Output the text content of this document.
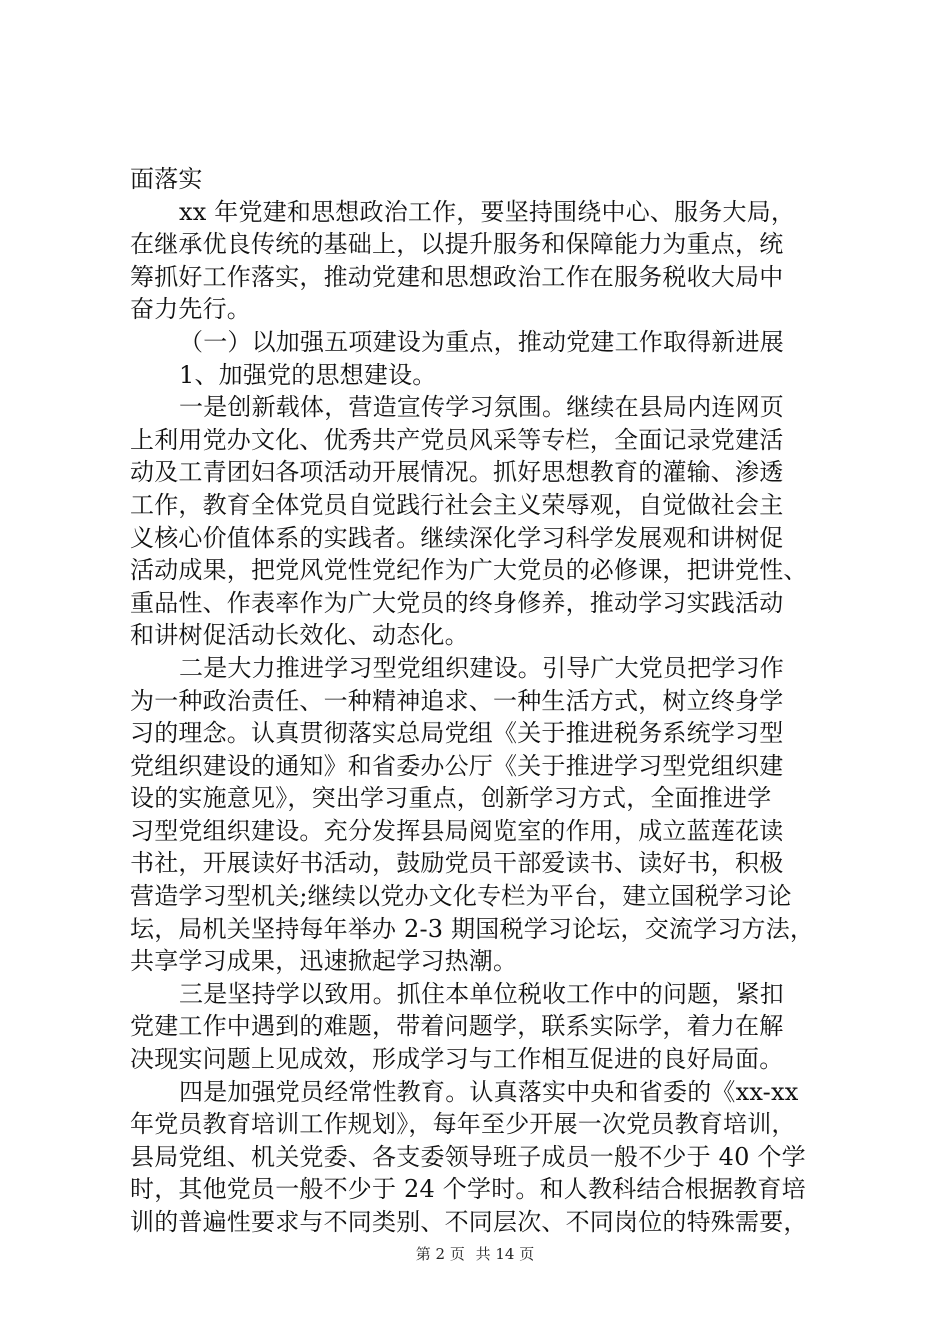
面落实
xx 年党建和思想政治工作，要坚持围绕中心、服务大局，
在继承优良传统的基础上，以提升服务和保障能力为重点，统
筹抓好工作落实，推动党建和思想政治工作在服务税收大局中
奋力先行。
（一）以加强五项建设为重点，推动党建工作取得新进展
1、加强党的思想建设。
一是创新载体，营造宣传学习氛围。继续在县局内连网页
上利用党办文化、优秀共产党员风采等专栏，全面记录党建活
动及工青团妇各项活动开展情况。抓好思想教育的灌输、渗透
工作，教育全体党员自觉践行社会主义荣辱观，自觉做社会主
义核心价值体系的实践者。继续深化学习科学发展观和讲树促
活动成果，把党风党性党纪作为广大党员的必修课，把讲党性、
重品性、作表率作为广大党员的终身修养，推动学习实践活动
和讲树促活动长效化、动态化。
二是大力推进学习型党组织建设。引导广大党员把学习作
为一种政治责任、一种精神追求、一种生活方式，树立终身学
习的理念。认真贯彻落实总局党组《关于推进税务系统学习型
党组织建设的通知》和省委办公厅《关于推进学习型党组织建
设的实施意见》，突出学习重点，创新学习方式，全面推进学
习型党组织建设。充分发挥县局阅览室的作用，成立蓝莲花读
书社，开展读好书活动，鼓励党员干部爱读书、读好书，积极
营造学习型机关;继续以党办文化专栏为平台，建立国税学习论
坛，局机关坚持每年举办 2-3 期国税学习论坛，交流学习方法，
共享学习成果，迅速掀起学习热潮。
三是坚持学以致用。抓住本单位税收工作中的问题，紧扣
党建工作中遇到的难题，带着问题学，联系实际学，着力在解
决现实问题上见成效，形成学习与工作相互促进的良好局面。
四是加强党员经常性教育。认真落实中央和省委的《xx-xx
年党员教育培训工作规划》，每年至少开展一次党员教育培训，
县局党组、机关党委、各支委领导班子成员一般不少于 40 个学
时，其他党员一般不少于 24 个学时。和人教科结合根据教育培
训的普遍性要求与不同类别、不同层次、不同岗位的特殊需要，
第 2 页 共 14 页
